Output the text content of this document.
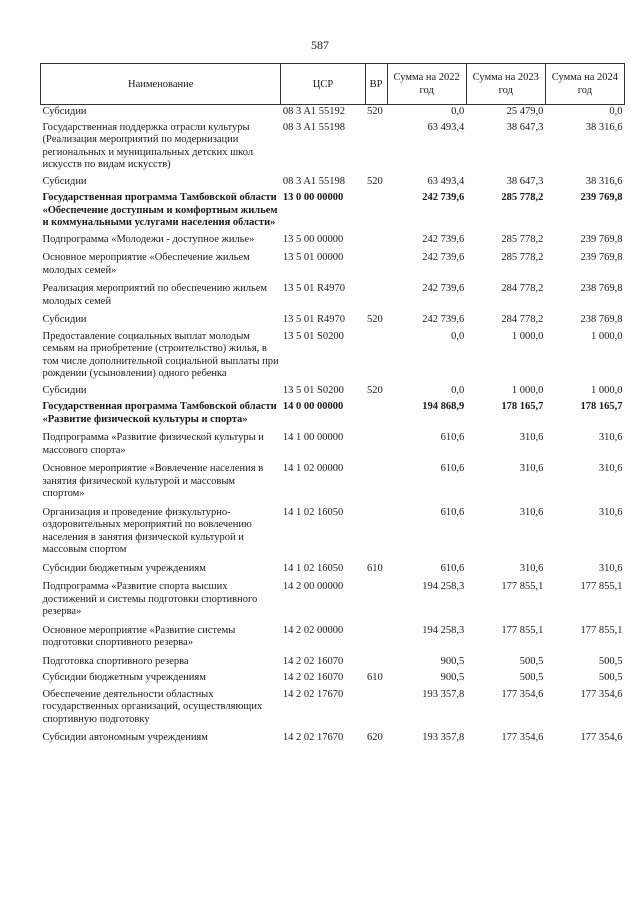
587
Наименование	ЦСР	ВР	Сумма на 2022 год	Сумма на 2023 год	Сумма на 2024 год
Субсидии	08 3 A1 55192	520	0,0	25 479,0	0,0
Государственная поддержка отрасли культуры (Реализация мероприятий по модернизации региональных и муниципальных детских школ искусств по видам искусств)	08 3 A1 55198		63 493,4	38 647,3	38 316,6
Субсидии	08 3 A1 55198	520	63 493,4	38 647,3	38 316,6
Государственная программа Тамбовской области «Обеспечение доступным и комфортным жильем и коммунальными услугами населения области»	13 0 00 00000		242 739,6	285 778,2	239 769,8
Подпрограмма «Молодежи - доступное жилье»	13 5 00 00000		242 739,6	285 778,2	239 769,8
Основное мероприятие «Обеспечение жильем молодых семей»	13 5 01 00000		242 739,6	285 778,2	239 769,8
Реализация мероприятий по обеспечению жильем молодых семей	13 5 01 R4970		242 739,6	284 778,2	238 769,8
Субсидии	13 5 01 R4970	520	242 739,6	284 778,2	238 769,8
Предоставление социальных выплат молодым семьям на приобретение (строительство) жилья, в том числе дополнительной социальной выплаты при рождении (усыновлении) одного ребенка	13 5 01 S0200		0,0	1 000,0	1 000,0
Субсидии	13 5 01 S0200	520	0,0	1 000,0	1 000,0
Государственная программа Тамбовской области «Развитие физической культуры и спорта»	14 0 00 00000		194 868,9	178 165,7	178 165,7
Подпрограмма «Развитие физической культуры и массового спорта»	14 1 00 00000		610,6	310,6	310,6
Основное мероприятие «Вовлечение населения в занятия физической культурой и массовым спортом»	14 1 02 00000		610,6	310,6	310,6
Организация и проведение физкультурно-оздоровительных мероприятий по вовлечению населения в занятия физической культурой и массовым спортом	14 1 02 16050		610,6	310,6	310,6
Субсидии бюджетным учреждениям	14 1 02 16050	610	610,6	310,6	310,6
Подпрограмма «Развитие спорта высших достижений и системы подготовки спортивного резерва»	14 2 00 00000		194 258,3	177 855,1	177 855,1
Основное мероприятие «Развитие системы подготовки спортивного резерва»	14 2 02 00000		194 258,3	177 855,1	177 855,1
Подготовка спортивного резерва	14 2 02 16070		900,5	500,5	500,5
Субсидии бюджетным учреждениям	14 2 02 16070	610	900,5	500,5	500,5
Обеспечение деятельности областных государственных организаций, осуществляющих спортивную подготовку	14 2 02 17670		193 357,8	177 354,6	177 354,6
Субсидии автономным учреждениям	14 2 02 17670	620	193 357,8	177 354,6	177 354,6
